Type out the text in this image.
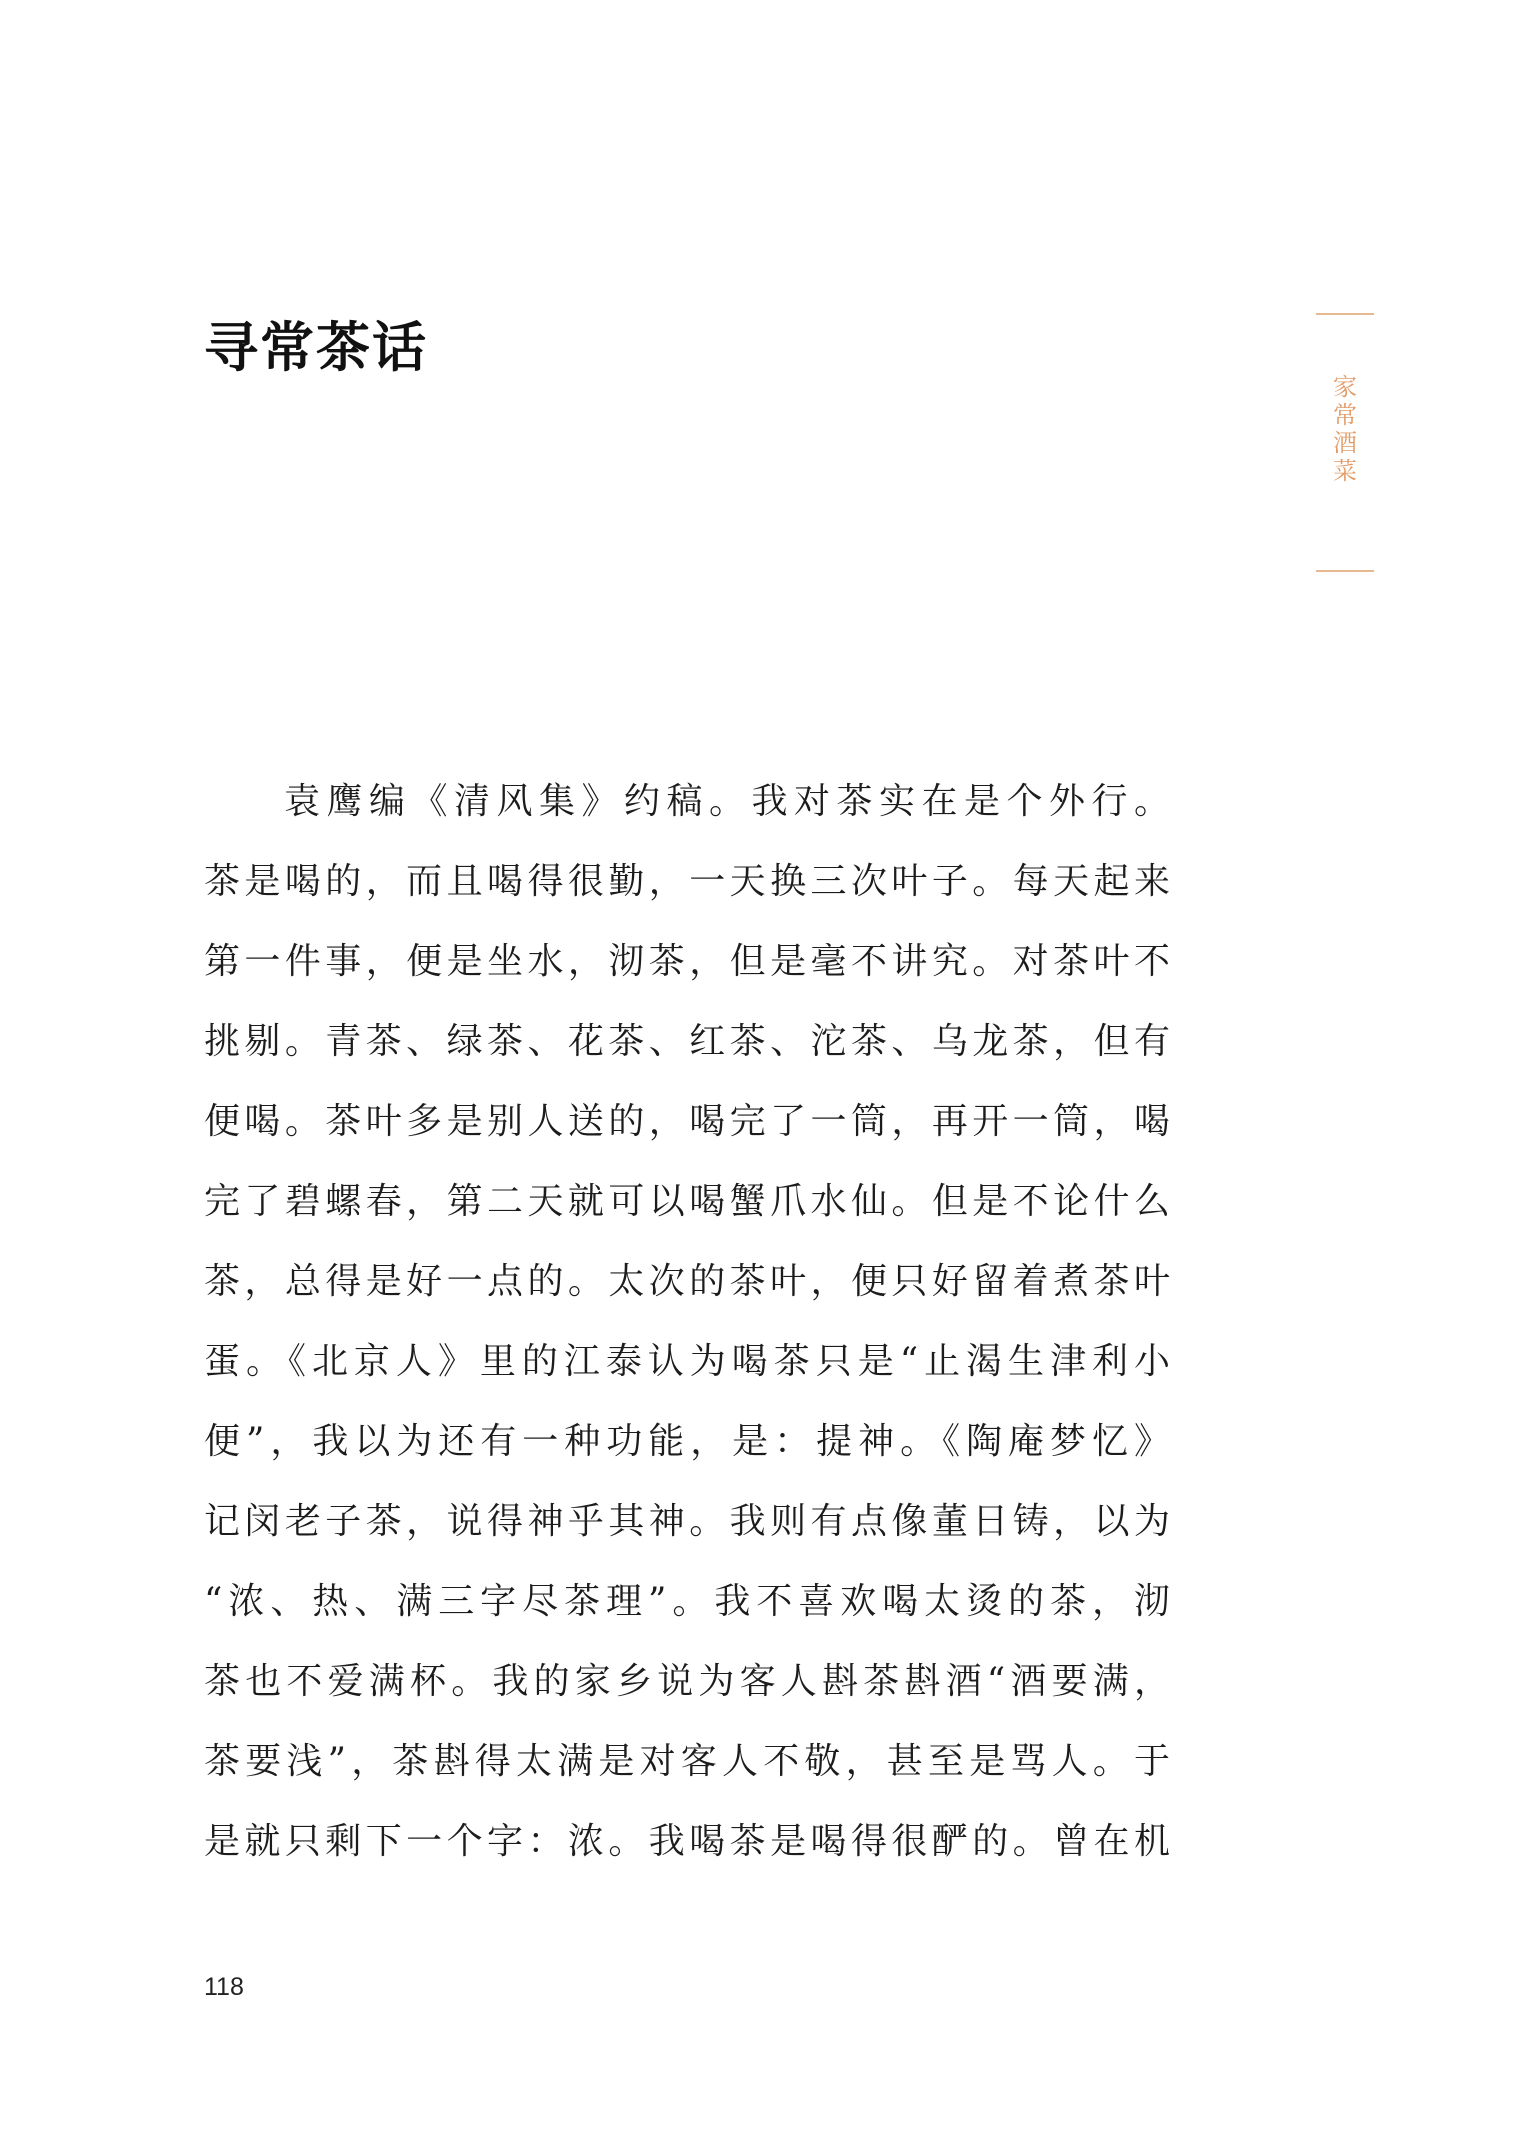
寻常茶话
家
常
酒
菜
袁鹰编《清风集》约稿。我对茶实在是个外行。
茶是喝的，而且喝得很勤，一天换三次叶子。每天起来
第一件事，便是坐水，沏茶，但是毫不讲究。对茶叶不
挑剔。青茶、绿茶、花茶、红茶、沱茶、乌龙茶，但有
便喝。茶叶多是别人送的，喝完了一筒，再开一筒，喝
完了碧螺春，第二天就可以喝蟹爪水仙。但是不论什么
茶，总得是好一点的。太次的茶叶，便只好留着煮茶叶
蛋。《北京人》里的江泰认为喝茶只是“止渴生津利小
便”，我以为还有一种功能，是：提神。《陶庵梦忆》
记闵老子茶，说得神乎其神。我则有点像董日铸，以为
“浓、热、满三字尽茶理”。我不喜欢喝太烫的茶，沏
茶也不爱满杯。我的家乡说为客人斟茶斟酒“酒要满，
茶要浅”，茶斟得太满是对客人不敬，甚至是骂人。于
是就只剩下一个字：浓。我喝茶是喝得很酽的。曾在机

118
